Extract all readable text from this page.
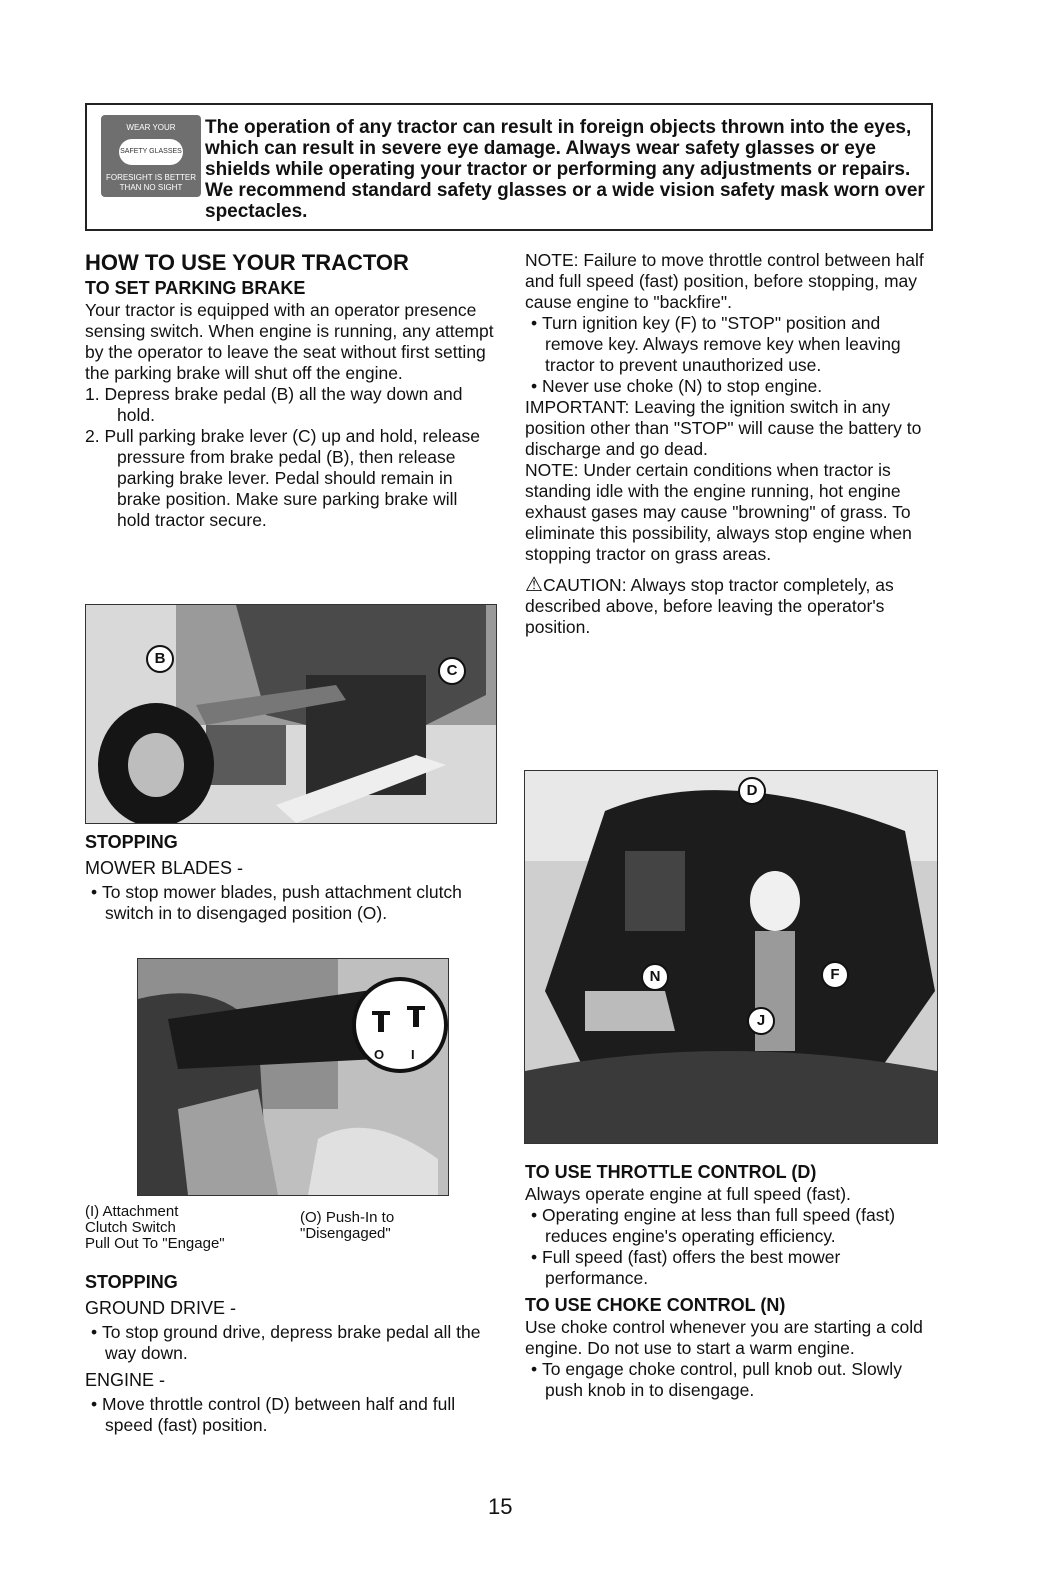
WEAR YOUR
SAFETY GLASSES
FORESIGHT IS BETTER
THAN NO SIGHT
The operation of any tractor can result in foreign objects thrown into the eyes, which can result in severe eye damage. Always wear safety glasses or eye shields while operating your tractor or performing any adjustments or repairs. We recommend standard safety glasses or a wide vision safety mask worn over spectacles.
HOW TO USE YOUR TRACTOR
TO SET PARKING BRAKE

Your tractor is equipped with an operator presence sensing switch. When engine is running, any attempt by the operator to leave the seat without first setting the parking brake will shut off the engine.

1. Depress brake pedal (B) all the way down and hold.

2. Pull parking brake lever (C) up and hold, release pressure from brake pedal (B), then release parking brake lever. Pedal should remain in brake position. Make sure parking brake will hold tractor secure.

B
C
STOPPING
MOWER BLADES -

• To stop mower blades, push attachment clutch switch in to disengaged position (O).

O I
(I) Attachment
Clutch Switch
Pull Out To "Engage"
(O) Push-In to
"Disengaged"
STOPPING
GROUND DRIVE -

• To stop ground drive, depress brake pedal all the way down.

ENGINE -

• Move throttle control (D) between half and full speed (fast) position.

NOTE: Failure to move throttle control between half and full speed (fast) position, before stopping, may cause engine to "backfire".

• Turn ignition key (F) to "STOP" position and remove key. Always remove key when leaving tractor to prevent unauthorized use.

• Never use choke (N) to stop engine.

IMPORTANT: Leaving the ignition switch in any position other than "STOP" will cause the battery to discharge and go dead.

NOTE: Under certain conditions when tractor is standing idle with the engine running, hot engine exhaust gases may cause "browning" of grass. To eliminate this possibility, always stop engine when stopping tractor on grass areas.

⚠CAUTION: Always stop tractor completely, as described above, before leaving the operator's position.

D
N	F
J
TO USE THROTTLE CONTROL (D)

Always operate engine at full speed (fast).

• Operating engine at less than full speed (fast) reduces engine's operating efficiency.

• Full speed (fast) offers the best mower performance.

TO USE CHOKE CONTROL (N)

Use choke control whenever you are starting a cold engine. Do not use to start a warm engine.

• To engage choke control, pull knob out. Slowly push knob in to disengage.

15
